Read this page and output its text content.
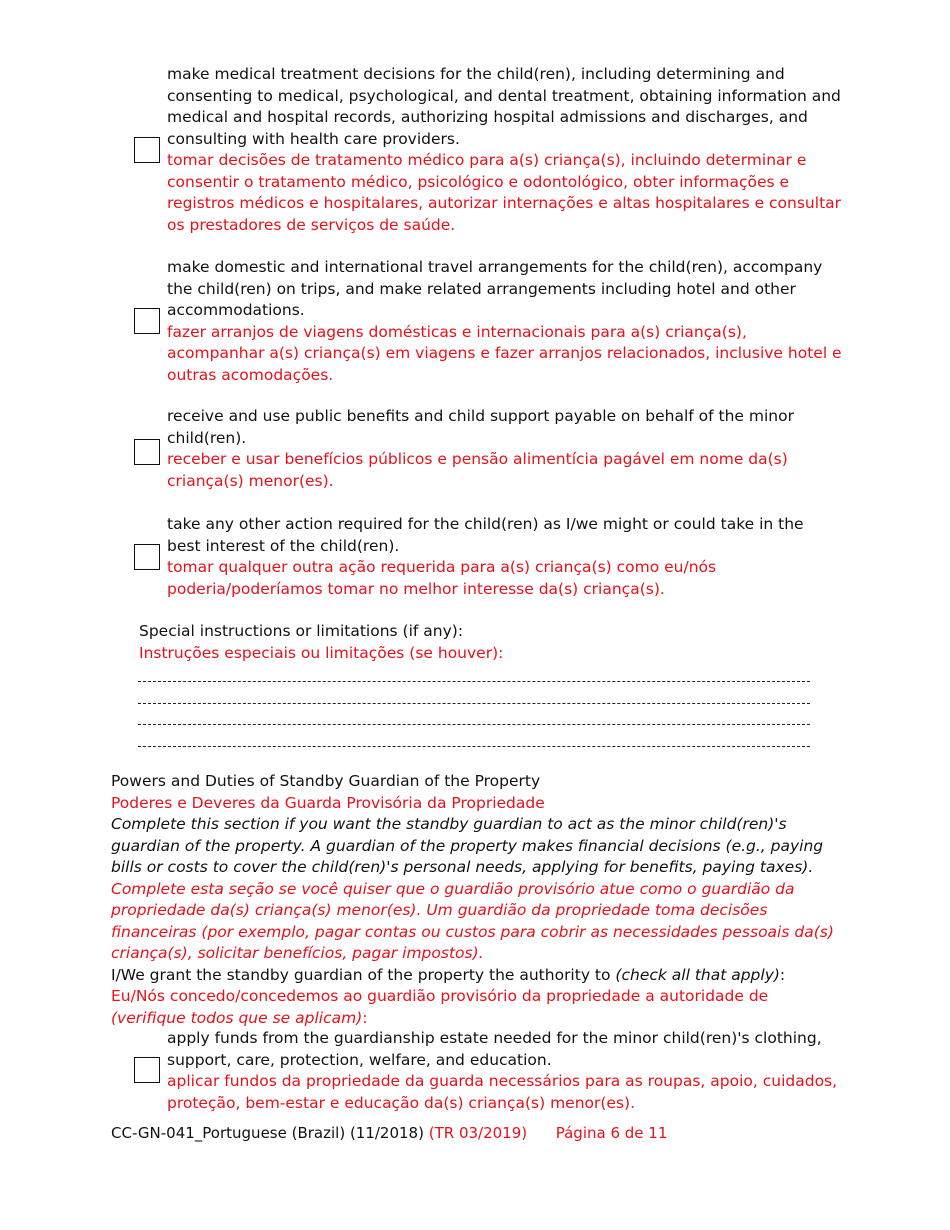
make medical treatment decisions for the child(ren), including determining and consenting to medical, psychological, and dental treatment, obtaining information and medical and hospital records, authorizing hospital admissions and discharges, and consulting with health care providers.
tomar decisões de tratamento médico para a(s) criança(s), incluindo determinar e consentir o tratamento médico, psicológico e odontológico, obter informações e registros médicos e hospitalares, autorizar internações e altas hospitalares e consultar os prestadores de serviços de saúde.
make domestic and international travel arrangements for the child(ren), accompany the child(ren) on trips, and make related arrangements including hotel and other accommodations.
fazer arranjos de viagens domésticas e internacionais para a(s) criança(s), acompanhar a(s) criança(s) em viagens e fazer arranjos relacionados, inclusive hotel e outras acomodações.
receive and use public benefits and child support payable on behalf of the minor child(ren).
receber e usar benefícios públicos e pensão alimentícia pagável em nome da(s) criança(s) menor(es).
take any other action required for the child(ren) as I/we might or could take in the best interest of the child(ren).
tomar qualquer outra ação requerida para a(s) criança(s) como eu/nós poderia/poderíamos tomar no melhor interesse da(s) criança(s).
Special instructions or limitations (if any):
Instruções especiais ou limitações (se houver):
Powers and Duties of Standby Guardian of the Property
Poderes e Deveres da Guarda Provisória da Propriedade
Complete this section if you want the standby guardian to act as the minor child(ren)'s guardian of the property. A guardian of the property makes financial decisions (e.g., paying bills or costs to cover the child(ren)'s personal needs, applying for benefits, paying taxes).
Complete esta seção se você quiser que o guardião provisório atue como o guardião da propriedade da(s) criança(s) menor(es). Um guardião da propriedade toma decisões financeiras (por exemplo, pagar contas ou custos para cobrir as necessidades pessoais da(s) criança(s), solicitar benefícios, pagar impostos).
I/We grant the standby guardian of the property the authority to (check all that apply):
Eu/Nós concedo/concedemos ao guardião provisório da propriedade a autoridade de (verifique todos que se aplicam):
apply funds from the guardianship estate needed for the minor child(ren)'s clothing, support, care, protection, welfare, and education.
aplicar fundos da propriedade da guarda necessários para as roupas, apoio, cuidados, proteção, bem-estar e educação da(s) criança(s) menor(es).
CC-GN-041_Portuguese (Brazil) (11/2018) (TR 03/2019) Página 6 de 11
